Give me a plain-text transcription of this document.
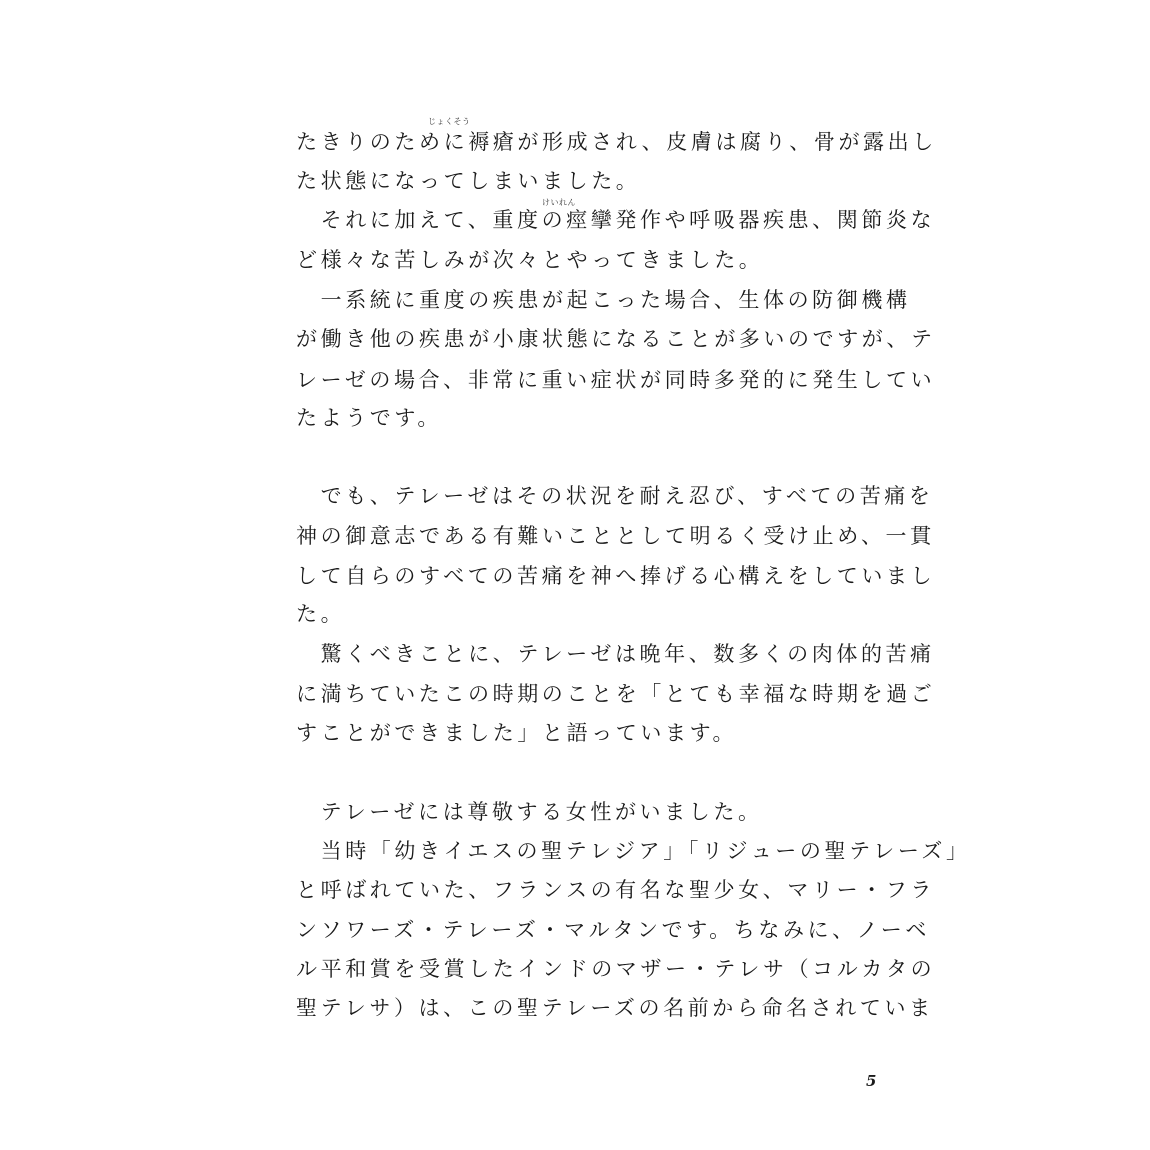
じょくそう
けいれん
たきりのために褥瘡が形成され、皮膚は腐り、骨が露出し
た状態になってしまいました。
　それに加えて、重度の痙攣発作や呼吸器疾患、関節炎な
ど様々な苦しみが次々とやってきました。
　一系統に重度の疾患が起こった場合、生体の防御機構
が働き他の疾患が小康状態になることが多いのですが、テ
レーゼの場合、非常に重い症状が同時多発的に発生してい
たようです。
　でも、テレーゼはその状況を耐え忍び、すべての苦痛を
神の御意志である有難いこととして明るく受け止め、一貫
して自らのすべての苦痛を神へ捧げる心構えをしていまし
た。
　驚くべきことに、テレーゼは晩年、数多くの肉体的苦痛
に満ちていたこの時期のことを「とても幸福な時期を過ご
すことができました」と語っています。
　テレーゼには尊敬する女性がいました。
　当時「幼きイエスの聖テレジア」「リジューの聖テレーズ」
と呼ばれていた、フランスの有名な聖少女、マリー・フラ
ンソワーズ・テレーズ・マルタンです。ちなみに、ノーベ
ル平和賞を受賞したインドのマザー・テレサ（コルカタの
聖テレサ）は、この聖テレーズの名前から命名されていま
5
